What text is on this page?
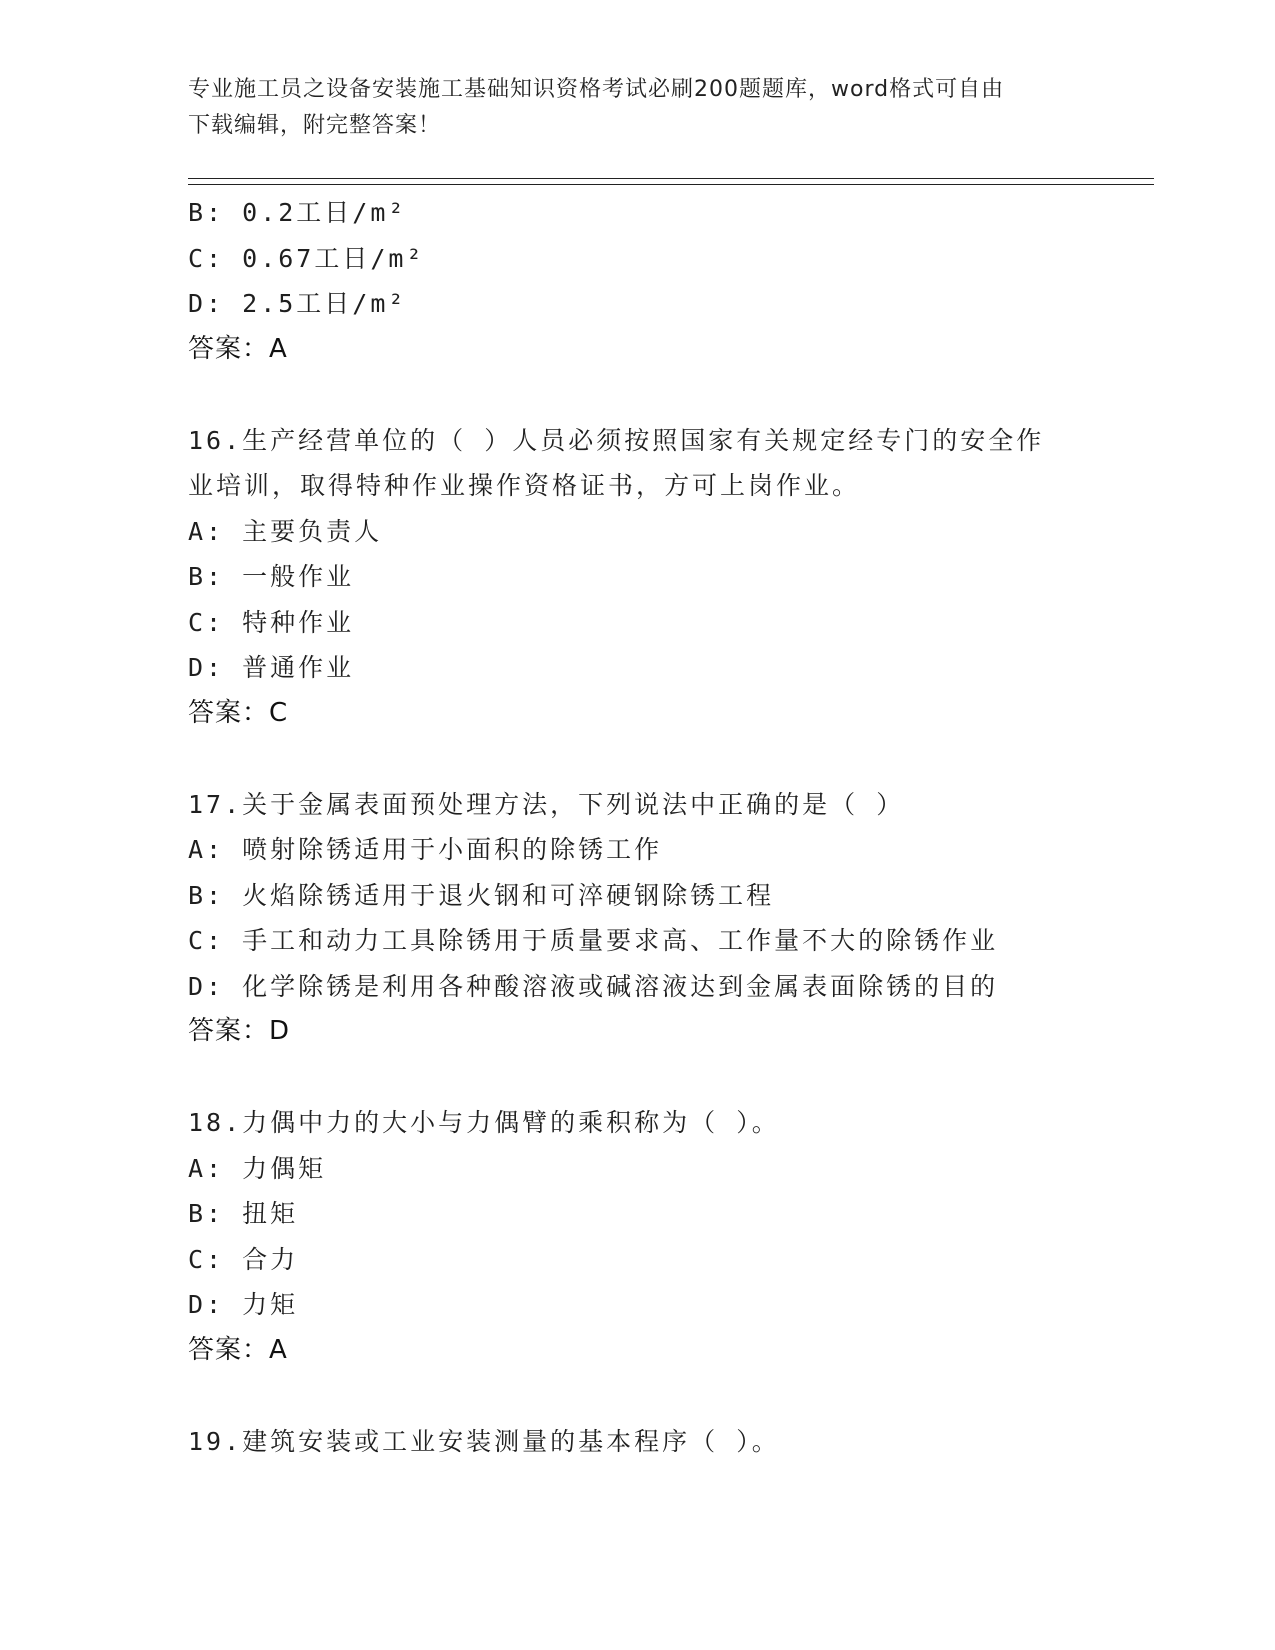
专业施工员之设备安装施工基础知识资格考试必刷200题题库，word格式可自由
下载编辑，附完整答案！
B: 0.2工日/m²
C: 0.67工日/m²
D: 2.5工日/m²
答案：A
16.生产经营单位的（ ）人员必须按照国家有关规定经专门的安全作
业培训，取得特种作业操作资格证书，方可上岗作业。
A: 主要负责人
B: 一般作业
C: 特种作业
D: 普通作业
答案：C
17.关于金属表面预处理方法，下列说法中正确的是（ ）
A: 喷射除锈适用于小面积的除锈工作
B: 火焰除锈适用于退火钢和可淬硬钢除锈工程
C: 手工和动力工具除锈用于质量要求高、工作量不大的除锈作业
D: 化学除锈是利用各种酸溶液或碱溶液达到金属表面除锈的目的
答案：D
18.力偶中力的大小与力偶臂的乘积称为（ ）。
A: 力偶矩
B: 扭矩
C: 合力
D: 力矩
答案：A
19.建筑安装或工业安装测量的基本程序（ ）。
